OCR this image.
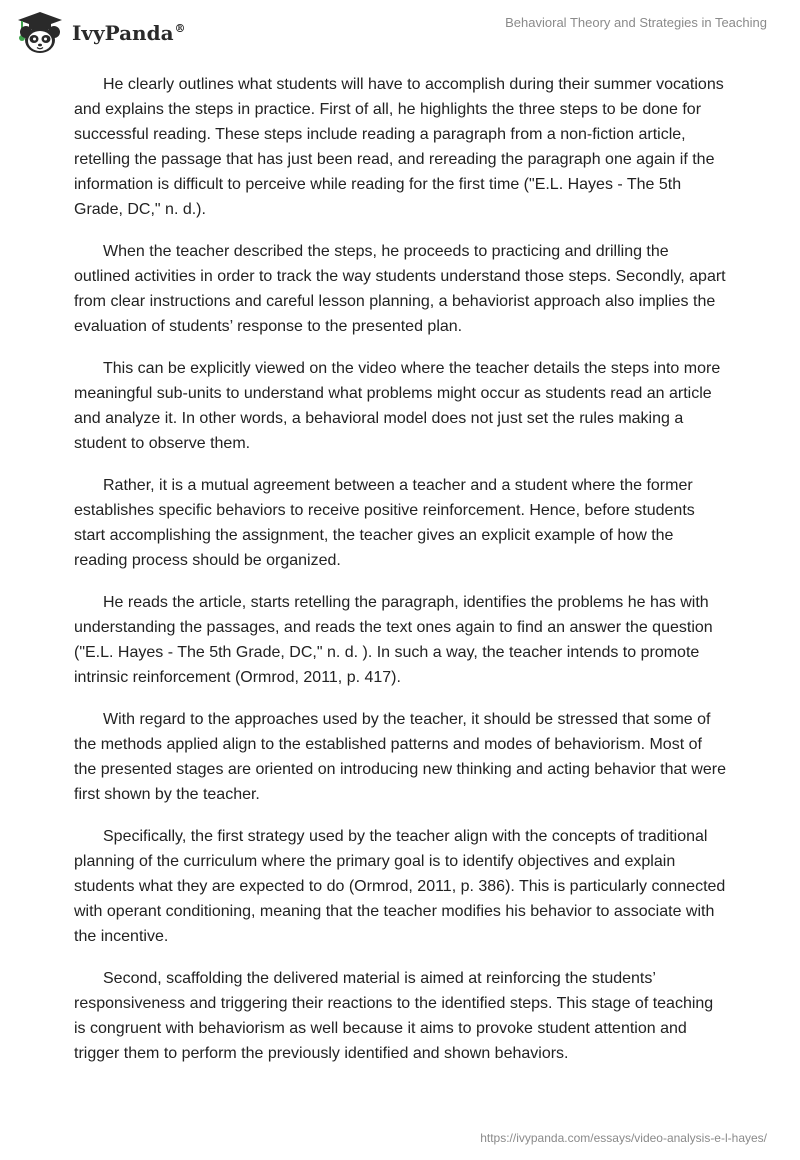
IvyPanda®	Behavioral Theory and Strategies in Teaching

He clearly outlines what students will have to accomplish during their summer vocations and explains the steps in practice. First of all, he highlights the three steps to be done for successful reading. These steps include reading a paragraph from a non-fiction article, retelling the passage that has just been read, and rereading the paragraph one again if the information is difficult to perceive while reading for the first time ("E.L. Hayes - The 5th Grade, DC," n. d.).

When the teacher described the steps, he proceeds to practicing and drilling the outlined activities in order to track the way students understand those steps. Secondly, apart from clear instructions and careful lesson planning, a behaviorist approach also implies the evaluation of students’ response to the presented plan.

This can be explicitly viewed on the video where the teacher details the steps into more meaningful sub-units to understand what problems might occur as students read an article and analyze it. In other words, a behavioral model does not just set the rules making a student to observe them.

Rather, it is a mutual agreement between a teacher and a student where the former establishes specific behaviors to receive positive reinforcement. Hence, before students start accomplishing the assignment, the teacher gives an explicit example of how the reading process should be organized.

He reads the article, starts retelling the paragraph, identifies the problems he has with understanding the passages, and reads the text ones again to find an answer the question ("E.L. Hayes - The 5th Grade, DC," n. d. ). In such a way, the teacher intends to promote intrinsic reinforcement (Ormrod, 2011, p. 417).

With regard to the approaches used by the teacher, it should be stressed that some of the methods applied align to the established patterns and modes of behaviorism. Most of the presented stages are oriented on introducing new thinking and acting behavior that were first shown by the teacher.

Specifically, the first strategy used by the teacher align with the concepts of traditional planning of the curriculum where the primary goal is to identify objectives and explain students what they are expected to do (Ormrod, 2011, p. 386). This is particularly connected with operant conditioning, meaning that the teacher modifies his behavior to associate with the incentive.

Second, scaffolding the delivered material is aimed at reinforcing the students’ responsiveness and triggering their reactions to the identified steps. This stage of teaching is congruent with behaviorism as well because it aims to provoke student attention and trigger them to perform the previously identified and shown behaviors.

https://ivypanda.com/essays/video-analysis-e-l-hayes/
